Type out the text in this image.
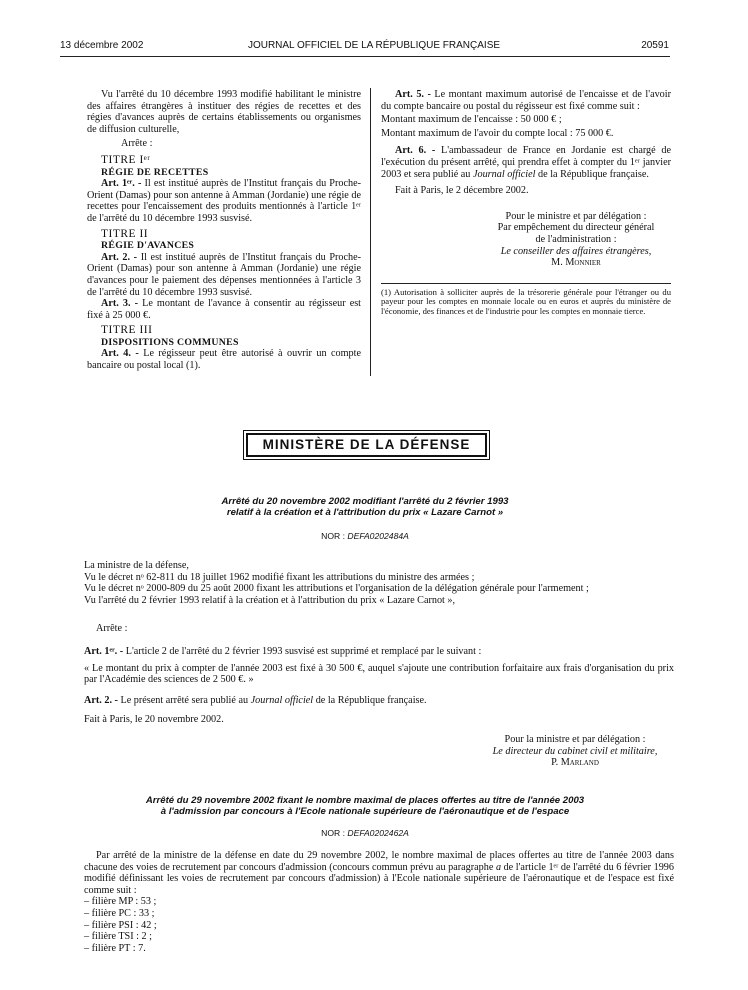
13 décembre 2002	JOURNAL OFFICIEL DE LA RÉPUBLIQUE FRANÇAISE	20591

Vu l'arrêté du 10 décembre 1993 modifié habilitant le ministre des affaires étrangères à instituer des régies de recettes et des régies d'avances auprès de certains établissements ou organismes de diffusion culturelle,

Arrête :

TITRE Iᵉʳ

RÉGIE DE RECETTES

Art. 1ᵉʳ. - Il est institué auprès de l'Institut français du Proche-Orient (Damas) pour son antenne à Amman (Jordanie) une régie de recettes pour l'encaissement des produits mentionnés à l'article 1ᵉʳ de l'arrêté du 10 décembre 1993 susvisé.

TITRE II

RÉGIE D'AVANCES

Art. 2. - Il est institué auprès de l'Institut français du Proche-Orient (Damas) pour son antenne à Amman (Jordanie) une régie d'avances pour le paiement des dépenses mentionnées à l'article 3 de l'arrêté du 10 décembre 1993 susvisé.

Art. 3. - Le montant de l'avance à consentir au régisseur est fixé à 25 000 €.

TITRE III

DISPOSITIONS COMMUNES

Art. 4. - Le régisseur peut être autorisé à ouvrir un compte bancaire ou postal local (1).

Art. 5. - Le montant maximum autorisé de l'encaisse et de l'avoir du compte bancaire ou postal du régisseur est fixé comme suit :

Montant maximum de l'encaisse : 50 000 € ;

Montant maximum de l'avoir du compte local : 75 000 €.

Art. 6. - L'ambassadeur de France en Jordanie est chargé de l'exécution du présent arrêté, qui prendra effet à compter du 1ᵉʳ janvier 2003 et sera publié au Journal officiel de la République française.

Fait à Paris, le 2 décembre 2002.

Pour le ministre et par délégation :
Par empêchement du directeur général
de l'administration :
Le conseiller des affaires étrangères,
M. Monnier
(1) Autorisation à solliciter auprès de la trésorerie générale pour l'étranger ou du payeur pour les comptes en monnaie locale ou en euros et auprès du ministère de l'économie, des finances et de l'industrie pour les comptes en monnaie tierce.
MINISTÈRE DE LA DÉFENSE
Arrêté du 20 novembre 2002 modifiant l'arrêté du 2 février 1993
relatif à la création et à l'attribution du prix « Lazare Carnot »
NOR : DEFA0202484A

La ministre de la défense,

Vu le décret nᵒ 62-811 du 18 juillet 1962 modifié fixant les attributions du ministre des armées ;

Vu le décret nᵒ 2000-809 du 25 août 2000 fixant les attributions et l'organisation de la délégation générale pour l'armement ;

Vu l'arrêté du 2 février 1993 relatif à la création et à l'attribution du prix « Lazare Carnot »,

Arrête :

Art. 1ᵉʳ. - L'article 2 de l'arrêté du 2 février 1993 susvisé est supprimé et remplacé par le suivant :

« Le montant du prix à compter de l'année 2003 est fixé à 30 500 €, auquel s'ajoute une contribution forfaitaire aux frais d'organisation du prix par l'Académie des sciences de 2 500 €. »

Art. 2. - Le présent arrêté sera publié au Journal officiel de la République française.

Fait à Paris, le 20 novembre 2002.

Pour la ministre et par délégation :
Le directeur du cabinet civil et militaire,
P. Marland
Arrêté du 29 novembre 2002 fixant le nombre maximal de places offertes au titre de l'année 2003
à l'admission par concours à l'Ecole nationale supérieure de l'aéronautique et de l'espace
NOR : DEFA0202462A

Par arrêté de la ministre de la défense en date du 29 novembre 2002, le nombre maximal de places offertes au titre de l'année 2003 dans chacune des voies de recrutement par concours d'admission (concours commun prévu au paragraphe a de l'article 1ᵉʳ de l'arrêté du 6 février 1996 modifié définissant les voies de recrutement par concours d'admission) à l'Ecole nationale supérieure de l'aéronautique et de l'espace est fixé comme suit :

– filière MP : 53 ;
– filière PC : 33 ;
– filière PSI : 42 ;
– filière TSI : 2 ;
– filière PT : 7.
